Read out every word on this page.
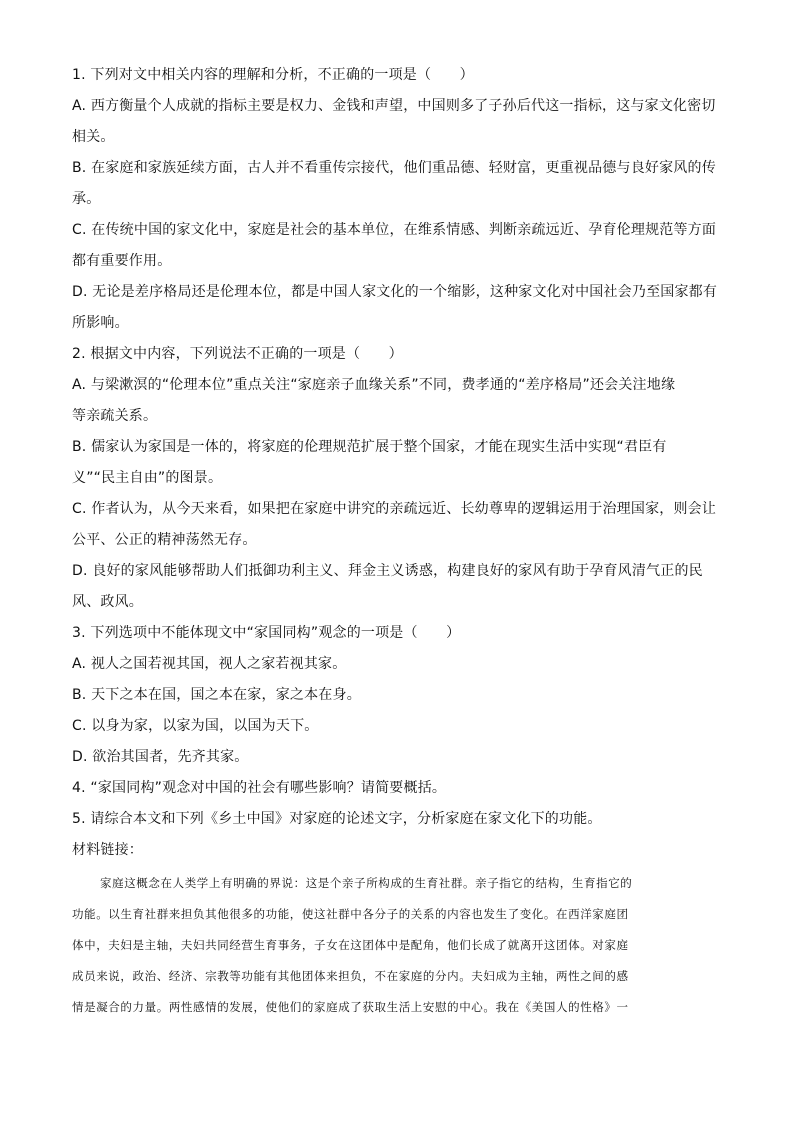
1. 下列对文中相关内容的理解和分析，不正确的一项是（　　）
A. 西方衡量个人成就的指标主要是权力、金钱和声望，中国则多了子孙后代这一指标，这与家文化密切
相关。
B. 在家庭和家族延续方面，古人并不看重传宗接代，他们重品德、轻财富，更重视品德与良好家风的传
承。
C. 在传统中国的家文化中，家庭是社会的基本单位，在维系情感、判断亲疏远近、孕育伦理规范等方面
都有重要作用。
D. 无论是差序格局还是伦理本位，都是中国人家文化的一个缩影，这种家文化对中国社会乃至国家都有
所影响。
2. 根据文中内容，下列说法不正确的一项是（　　）
A. 与梁漱溟的“伦理本位”重点关注“家庭亲子血缘关系”不同，费孝通的“差序格局”还会关注地缘
等亲疏关系。
B. 儒家认为家国是一体的，将家庭的伦理规范扩展于整个国家，才能在现实生活中实现“君臣有
义”“民主自由”的图景。
C. 作者认为，从今天来看，如果把在家庭中讲究的亲疏远近、长幼尊卑的逻辑运用于治理国家，则会让
公平、公正的精神荡然无存。
D. 良好的家风能够帮助人们抵御功利主义、拜金主义诱惑，构建良好的家风有助于孕育风清气正的民
风、政风。
3. 下列选项中不能体现文中“家国同构”观念的一项是（　　）
A. 视人之国若视其国，视人之家若视其家。
B. 天下之本在国，国之本在家，家之本在身。
C. 以身为家，以家为国，以国为天下。
D. 欲治其国者，先齐其家。
4. “家国同构”观念对中国的社会有哪些影响？请简要概括。
5. 请综合本文和下列《乡土中国》对家庭的论述文字，分析家庭在家文化下的功能。
材料链接：
家庭这概念在人类学上有明确的界说：这是个亲子所构成的生育社群。亲子指它的结构，生育指它的
功能。以生育社群来担负其他很多的功能，使这社群中各分子的关系的内容也发生了变化。在西洋家庭团
体中，夫妇是主轴，夫妇共同经营生育事务，子女在这团体中是配角，他们长成了就离开这团体。对家庭
成员来说，政治、经济、宗教等功能有其他团体来担负，不在家庭的分内。夫妇成为主轴，两性之间的感
情是凝合的力量。两性感情的发展，使他们的家庭成了获取生活上安慰的中心。我在《美国人的性格》一
